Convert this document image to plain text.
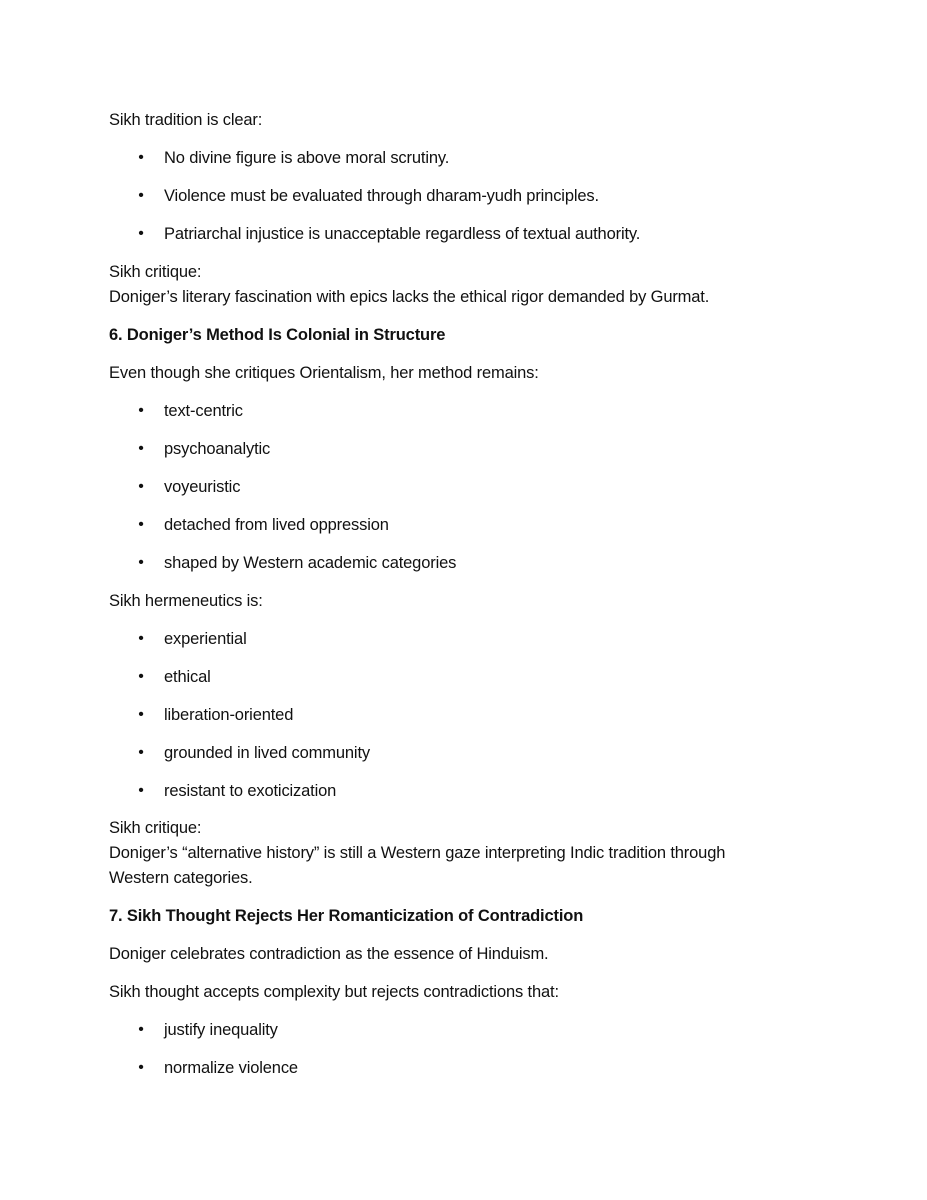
Sikh tradition is clear:
• No divine figure is above moral scrutiny.
• Violence must be evaluated through dharam-yudh principles.
• Patriarchal injustice is unacceptable regardless of textual authority.
Sikh critique:
Doniger’s literary fascination with epics lacks the ethical rigor demanded by Gurmat.
6. Doniger’s Method Is Colonial in Structure
Even though she critiques Orientalism, her method remains:
• text-centric
• psychoanalytic
• voyeuristic
• detached from lived oppression
• shaped by Western academic categories
Sikh hermeneutics is:
• experiential
• ethical
• liberation-oriented
• grounded in lived community
• resistant to exoticization
Sikh critique:
Doniger’s “alternative history” is still a Western gaze interpreting Indic tradition through
Western categories.
7. Sikh Thought Rejects Her Romanticization of Contradiction
Doniger celebrates contradiction as the essence of Hinduism.
Sikh thought accepts complexity but rejects contradictions that:
• justify inequality
• normalize violence
